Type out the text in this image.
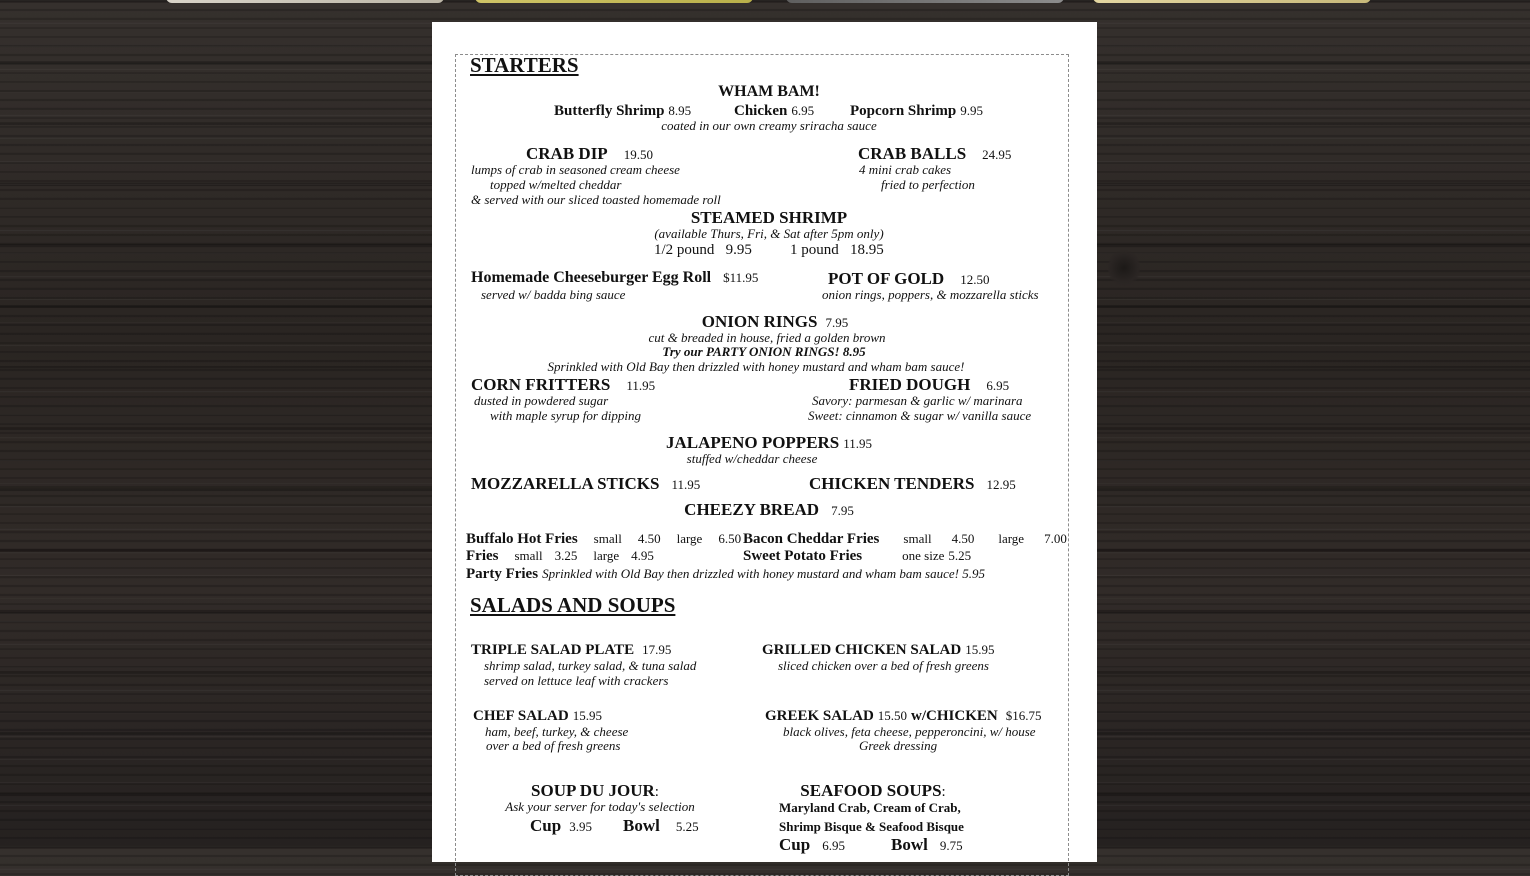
STARTERS
WHAM BAM!
Butterfly Shrimp 8.95	Chicken 6.95 Popcorn Shrimp 9.95
coated in our own creamy sriracha sauce
CRAB DIP 19.50
lumps of crab in seasoned cream cheese
topped w/melted cheddar
& served with our sliced toasted homemade roll
CRAB BALLS 24.95
4 mini crab cakes
fried to perfection
STEAMED SHRIMP
(available Thurs, Fri, & Sat after 5pm only)
1/2 pound 9.95	1 pound 18.95
Homemade Cheeseburger Egg Roll $11.95
served w/ badda bing sauce
POT OF GOLD 12.50
onion rings, poppers, & mozzarella sticks
ONION RINGS 7.95
cut & breaded in house, fried a golden brown
Try our PARTY ONION RINGS! 8.95
Sprinkled with Old Bay then drizzled with honey mustard and wham bam sauce!
CORN FRITTERS 11.95
dusted in powdered sugar
with maple syrup for dipping
FRIED DOUGH 6.95
Savory: parmesan & garlic w/ marinara
Sweet: cinnamon & sugar w/ vanilla sauce
JALAPENO POPPERS 11.95
stuffed w/cheddar cheese
MOZZARELLA STICKS 11.95	CHICKEN TENDERS 12.95
CHEEZY BREAD 7.95
Buffalo Hot Fries small 4.50 large 6.50 Bacon Cheddar Fries small 4.50 large 7.00
Fries small 3.25 large 4.95	Sweet Potato Fries	one size 5.25
Party Fries Sprinkled with Old Bay then drizzled with honey mustard and wham bam sauce! 5.95
SALADS AND SOUPS
TRIPLE SALAD PLATE 17.95
shrimp salad, turkey salad, & tuna salad
served on lettuce leaf with crackers
GRILLED CHICKEN SALAD 15.95
sliced chicken over a bed of fresh greens
CHEF SALAD 15.95
ham, beef, turkey, & cheese
over a bed of fresh greens
GREEK SALAD 15.50 w/CHICKEN $16.75
black olives, feta cheese, pepperoncini, w/ house
Greek dressing
SOUP DU JOUR:
Ask your server for today's selection
Cup 3.95 Bowl 5.25
SEAFOOD SOUPS:
Maryland Crab, Cream of Crab,
Shrimp Bisque & Seafood Bisque
Cup 6.95	Bowl 9.75
